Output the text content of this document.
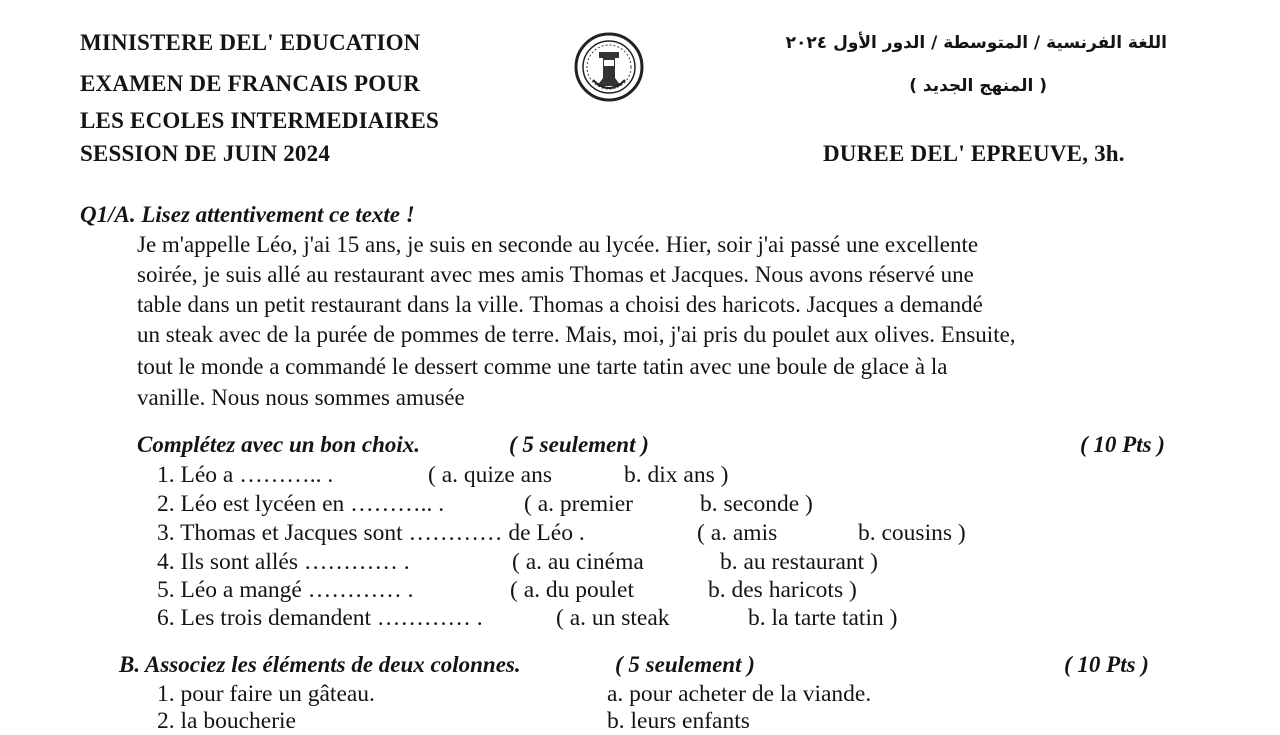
MINISTERE DEL' EDUCATION
EXAMEN DE FRANCAIS POUR
LES ECOLES INTERMEDIAIRES
SESSION DE JUIN 2024
اللغة الفرنسية / المتوسطة / الدور الأول ٢٠٢٤
( المنهج الجديد )
DUREE DEL' EPREUVE, 3h.
Q1/A. Lisez attentivement ce texte !
Je m'appelle Léo, j'ai 15 ans, je suis en seconde au lycée. Hier, soir j'ai passé une excellente
soirée, je suis allé au restaurant avec mes amis Thomas et Jacques. Nous avons réservé une
table dans un petit restaurant dans la ville. Thomas a choisi des haricots. Jacques a demandé
un steak avec de la purée de pommes de terre. Mais, moi, j'ai pris du poulet aux olives. Ensuite,
tout le monde a commandé le dessert comme une tarte tatin avec une boule de glace à la
vanille. Nous nous sommes amusée
Complétez avec un bon choix.	( 5 seulement )	( 10 Pts )
1. Léo a ……….. .	( a. quize ans	b. dix ans )
2. Léo est lycéen en ……….. .	( a. premier	b. seconde )
3. Thomas et Jacques sont ………… de Léo .	( a. amis	b. cousins )
4. Ils sont allés ………… .	( a. au cinéma	b. au restaurant )
5. Léo a mangé ………… .	( a. du poulet	b. des haricots )
6. Les trois demandent ………… .	( a. un steak	b. la tarte tatin )
B. Associez les éléments de deux colonnes.	( 5 seulement )	( 10 Pts )
1. pour faire un gâteau.	a. pour acheter de la viande.
2. la boucherie	b. leurs enfants
